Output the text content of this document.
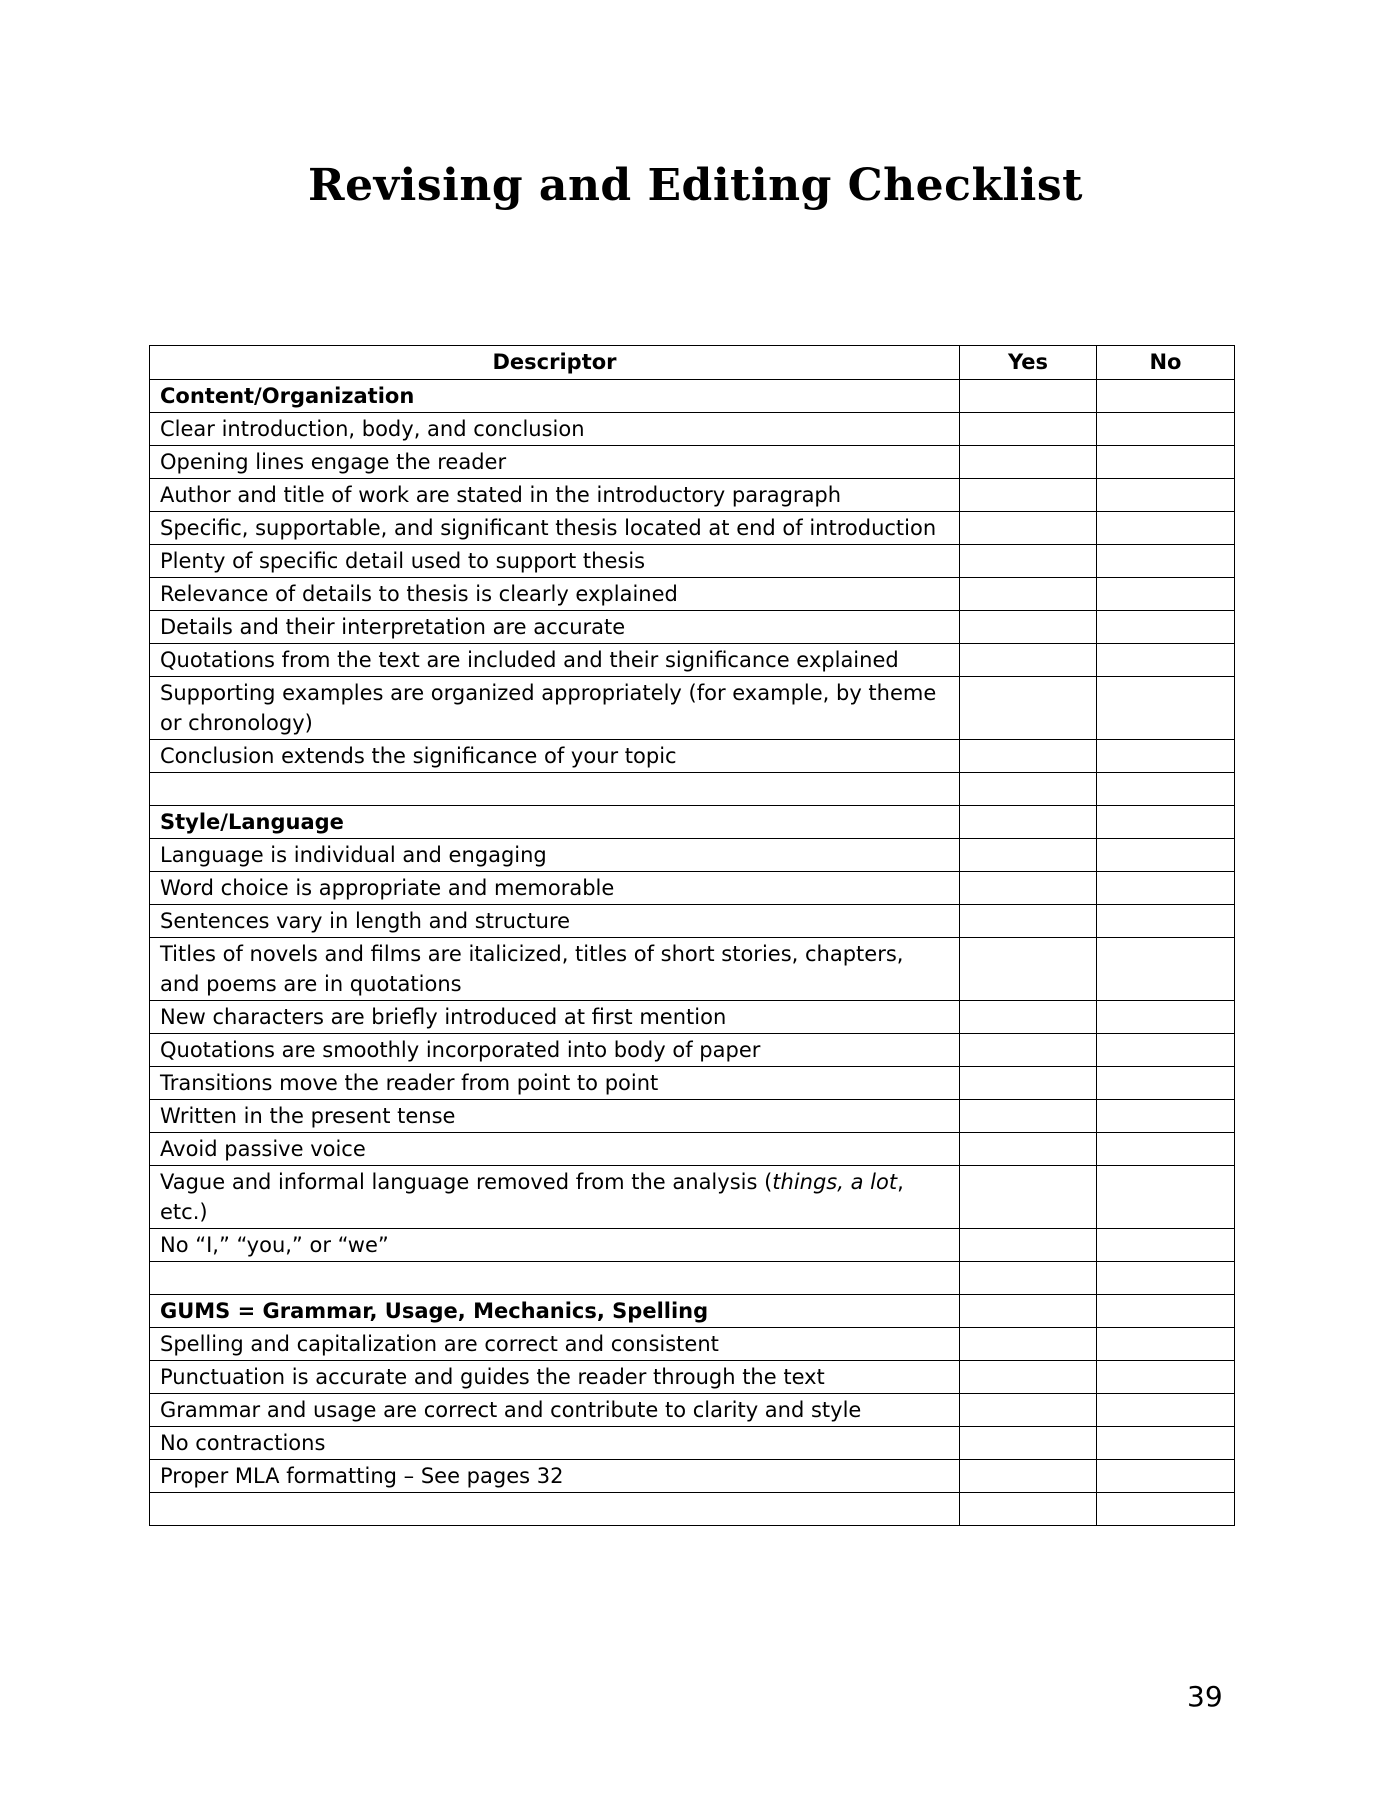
Revising and Editing Checklist
Descriptor	Yes	No
Content/Organization		
Clear introduction, body, and conclusion		
Opening lines engage the reader		
Author and title of work are stated in the introductory paragraph		
Specific, supportable, and significant thesis located at end of introduction		
Plenty of specific detail used to support thesis		
Relevance of details to thesis is clearly explained		
Details and their interpretation are accurate		
Quotations from the text are included and their significance explained		
Supporting examples are organized appropriately (for example, by theme or chronology)		
Conclusion extends the significance of your topic		

Style/Language		
Language is individual and engaging		
Word choice is appropriate and memorable		
Sentences vary in length and structure		
Titles of novels and films are italicized, titles of short stories, chapters, and poems are in quotations		
New characters are briefly introduced at first mention		
Quotations are smoothly incorporated into body of paper		
Transitions move the reader from point to point		
Written in the present tense		
Avoid passive voice		
Vague and informal language removed from the analysis (things, a lot, etc.)		
No “I,” “you,” or “we”		

GUMS = Grammar, Usage, Mechanics, Spelling		
Spelling and capitalization are correct and consistent		
Punctuation is accurate and guides the reader through the text		
Grammar and usage are correct and contribute to clarity and style		
No contractions		
Proper MLA formatting – See pages 32		

39
